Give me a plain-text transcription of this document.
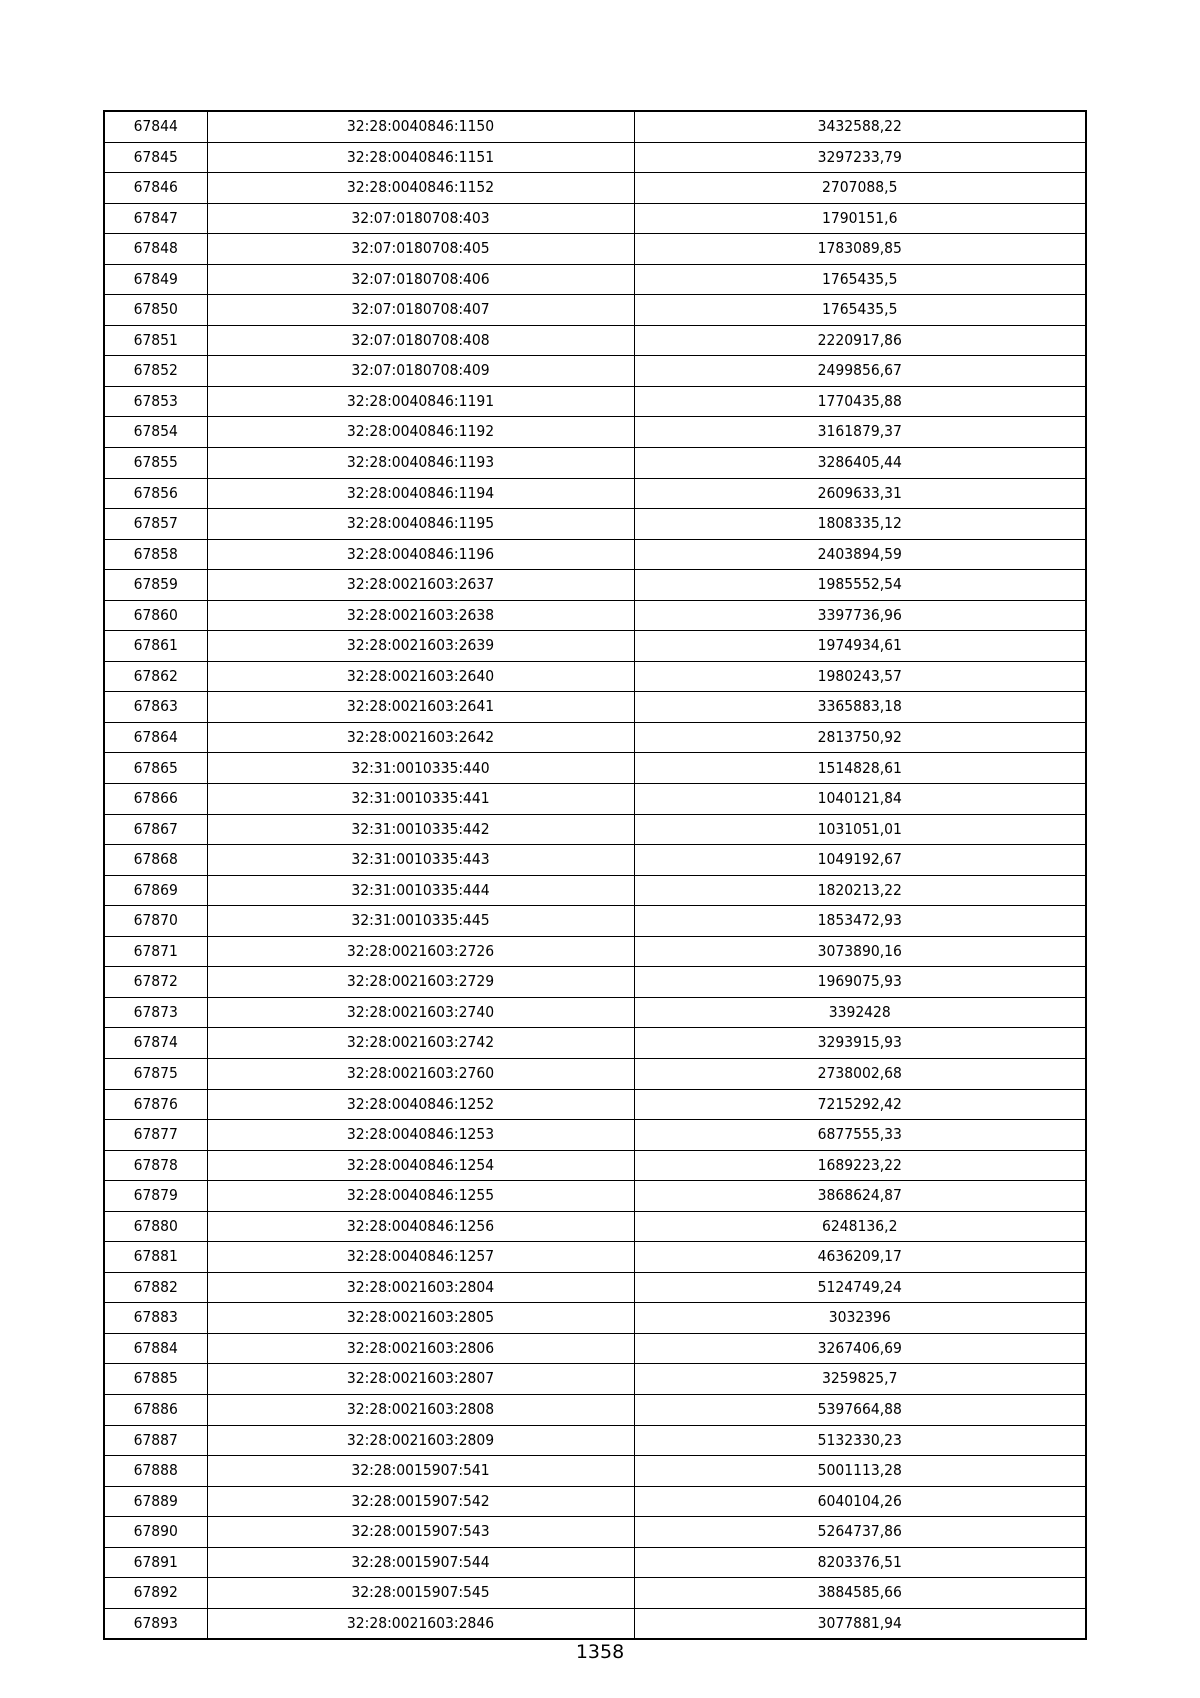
67844	32:28:0040846:1150	3432588,22
67845	32:28:0040846:1151	3297233,79
67846	32:28:0040846:1152	2707088,5
67847	32:07:0180708:403	1790151,6
67848	32:07:0180708:405	1783089,85
67849	32:07:0180708:406	1765435,5
67850	32:07:0180708:407	1765435,5
67851	32:07:0180708:408	2220917,86
67852	32:07:0180708:409	2499856,67
67853	32:28:0040846:1191	1770435,88
67854	32:28:0040846:1192	3161879,37
67855	32:28:0040846:1193	3286405,44
67856	32:28:0040846:1194	2609633,31
67857	32:28:0040846:1195	1808335,12
67858	32:28:0040846:1196	2403894,59
67859	32:28:0021603:2637	1985552,54
67860	32:28:0021603:2638	3397736,96
67861	32:28:0021603:2639	1974934,61
67862	32:28:0021603:2640	1980243,57
67863	32:28:0021603:2641	3365883,18
67864	32:28:0021603:2642	2813750,92
67865	32:31:0010335:440	1514828,61
67866	32:31:0010335:441	1040121,84
67867	32:31:0010335:442	1031051,01
67868	32:31:0010335:443	1049192,67
67869	32:31:0010335:444	1820213,22
67870	32:31:0010335:445	1853472,93
67871	32:28:0021603:2726	3073890,16
67872	32:28:0021603:2729	1969075,93
67873	32:28:0021603:2740	3392428
67874	32:28:0021603:2742	3293915,93
67875	32:28:0021603:2760	2738002,68
67876	32:28:0040846:1252	7215292,42
67877	32:28:0040846:1253	6877555,33
67878	32:28:0040846:1254	1689223,22
67879	32:28:0040846:1255	3868624,87
67880	32:28:0040846:1256	6248136,2
67881	32:28:0040846:1257	4636209,17
67882	32:28:0021603:2804	5124749,24
67883	32:28:0021603:2805	3032396
67884	32:28:0021603:2806	3267406,69
67885	32:28:0021603:2807	3259825,7
67886	32:28:0021603:2808	5397664,88
67887	32:28:0021603:2809	5132330,23
67888	32:28:0015907:541	5001113,28
67889	32:28:0015907:542	6040104,26
67890	32:28:0015907:543	5264737,86
67891	32:28:0015907:544	8203376,51
67892	32:28:0015907:545	3884585,66
67893	32:28:0021603:2846	3077881,94
1358
